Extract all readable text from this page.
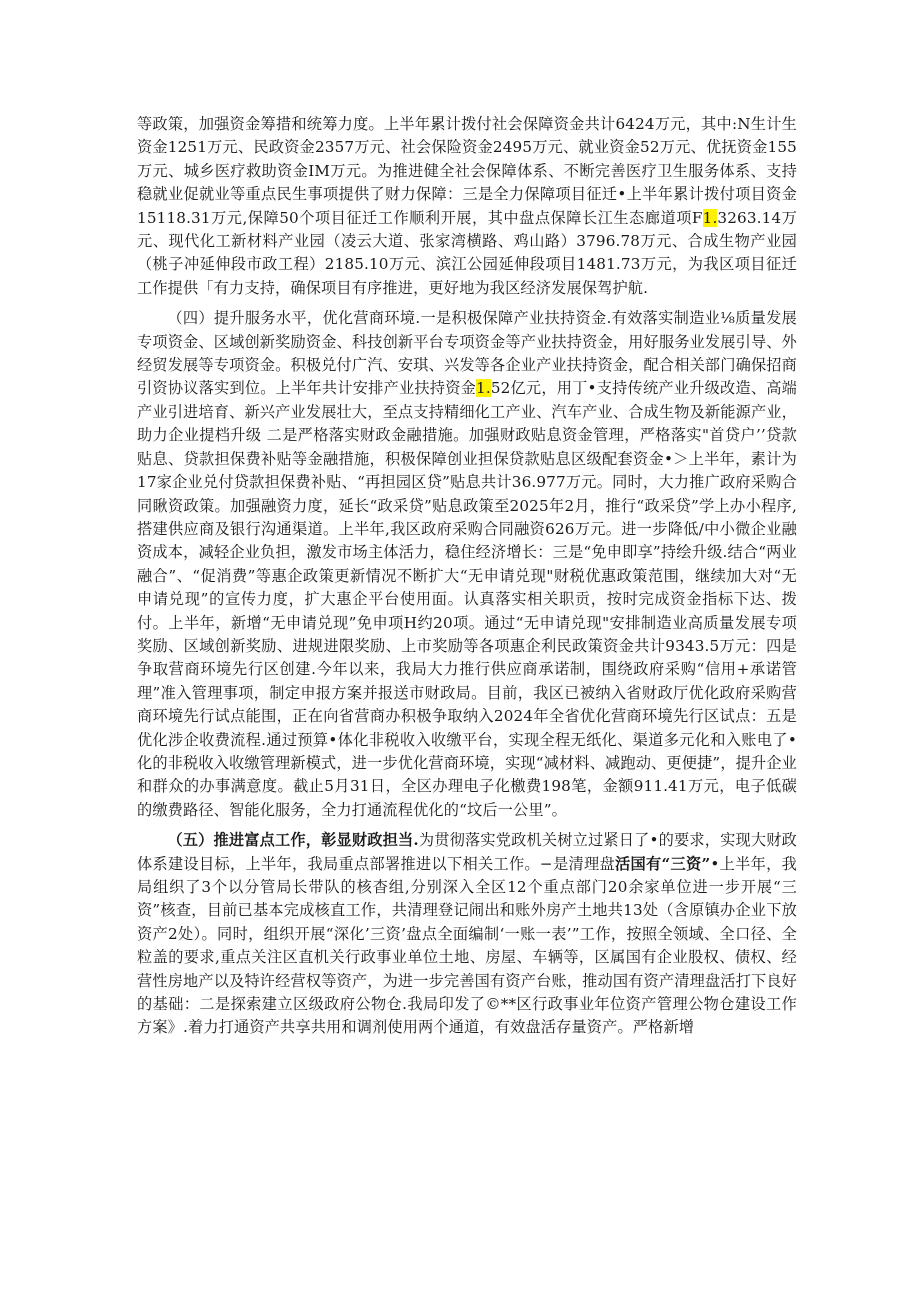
等政策，加强资金筹措和统筹力度。上半年累计拨付社会保障资金共计6424万元，其中:N生计生资金1251万元、民政资金2357万元、社会保险资金2495万元、就业资金52万元、优抚资金155万元、城乡医疗救助资金IM万元。为推进健全社会保障体系、不断完善医疗卫生服务体系、支持稳就业促就业等重点民生事项提供了财力保障：三是全力保障项目征迁•上半年累计拨付项目资金15118.31万元,保障50个项目征迁工作顺利开展，其中盘点保障长江生态廊道项F1.3263.14万元、现代化工新材料产业园（凌云大道、张家湾横路、鸡山路）3796.78万元、合成生物产业园（桃子冲延伸段市政工程）2185.10万元、滨江公园延伸段项目1481.73万元，为我区项目征迁工作提供「有力支持，确保项目有序推进，更好地为我区经济发展保驾护航.

（四）提升服务水平，优化营商环境.一是积极保障产业扶持资金.有效落实制造业⅛质量发展专项资金、区域创新奖励资金、科技创新平台专项资金等产业扶持资金，用好服务业发展引导、外经贸发展等专项资金。积极兑付广汽、安琪、兴发等各企业产业扶持资金，配合相关部门确保招商引资协议落实到位。上半年共计安排产业扶持资金1.52亿元，用丁•支持传统产业升级改造、高端产业引进培育、新兴产业发展壮大，至点支持精细化工产业、汽车产业、合成生物及新能源产业，助力企业提档升级 二是严格落实财政金融措施。加强财政贴息资金管理，严格落实"首贷户’’贷款贴息、贷款担保费补贴等金融措施，积极保障创业担保贷款贴息区级配套资金•＞上半年，素计为17家企业兑付贷款担保费补贴、“再担园区贷”贴息共计36.977万元。同时，大力推广政府采购合同瞅资政策。加强融资力度，延长“政采贷”贴息政策至2025年2月，推行“政采贷”学上办小程序,搭建供应商及银行沟通渠道。上半年,我区政府采购合同融资626万元。进一步降低/中小微企业融资成本，减轻企业负担，激发市场主体活力，稳住经济增长：三是“免申即享”持绘升级.结合“两业融合”、“促消费”等惠企政策更新情况不断扩大“无申请兑现"财税优惠政策范围，继续加大对“无申请兑现”的宣传力度，扩大惠企平台使用面。认真落实相关职贡，按时完成资金指标下达、拨付。上半年，新增“无申请兑现”免申项H约20项。通过“无申请兑现"安排制造业高质量发展专项奖励、区域创新奖励、进规进限奖励、上市奖励等各项惠企利民政策资金共计9343.5万元：四是争取营商环境先行区创建.今年以来，我局大力推行供应商承诺制，围绕政府采购“信用+承诺管理”准入管理事项，制定申报方案并报送市财政局。目前，我区已被纳入省财政厅优化政府采购营商环境先行试点能围，正在向省营商办积极争取纳入2024年全省优化营商环境先行区试点：五是优化涉企收费流程.通过预算•体化非税收入收缴平台，实现全程无纸化、渠道多元化和入账电了•化的非税收入收缴管理新模式，进一步优化营商环境，实现“减材料、减跑动、更便捷”，提升企业和群众的办事满意度。截止5月31日，全区办理电子化檄费198笔，金额911.41万元，电子低碳的缴费路径、智能化服务，全力打通流程优化的“坟后一公里”。

（五）推进富点工作，彰显财政担当.为贯彻落实党政机关树立过紧日了•的要求，实现大财政体系建设目标，上半年，我局重点部署推进以下相关工作。−是清理盘活国有“三资”•上半年，我局组织了3个以分管局长带队的核杳组,分别深入全区12个重点部门20余家单位进一步开展“三资”核查，目前已基本完成核直工作，共清理登记闹出和账外房产土地共13处（含原镇办企业下放资产2处）。同时，组织开展“深化’三资’盘点全面编制‘一账一表’”工作，按照全领域、全口径、全粒盖的要求,重点关注区直机关行政事业单位土地、房屋、车辆等，区属国有企业股权、债权、经营性房地产以及特许经营权等资产，为进一步完善国有资产台账，推动国有资产清理盘活打下良好的基础：二是探索建立区级政府公物仓.我局印发了©**区行政事业年位资产管理公物仓建设工作方案》.着力打通资产共享共用和调剂使用两个通道，有效盘活存量资产。严格新增
